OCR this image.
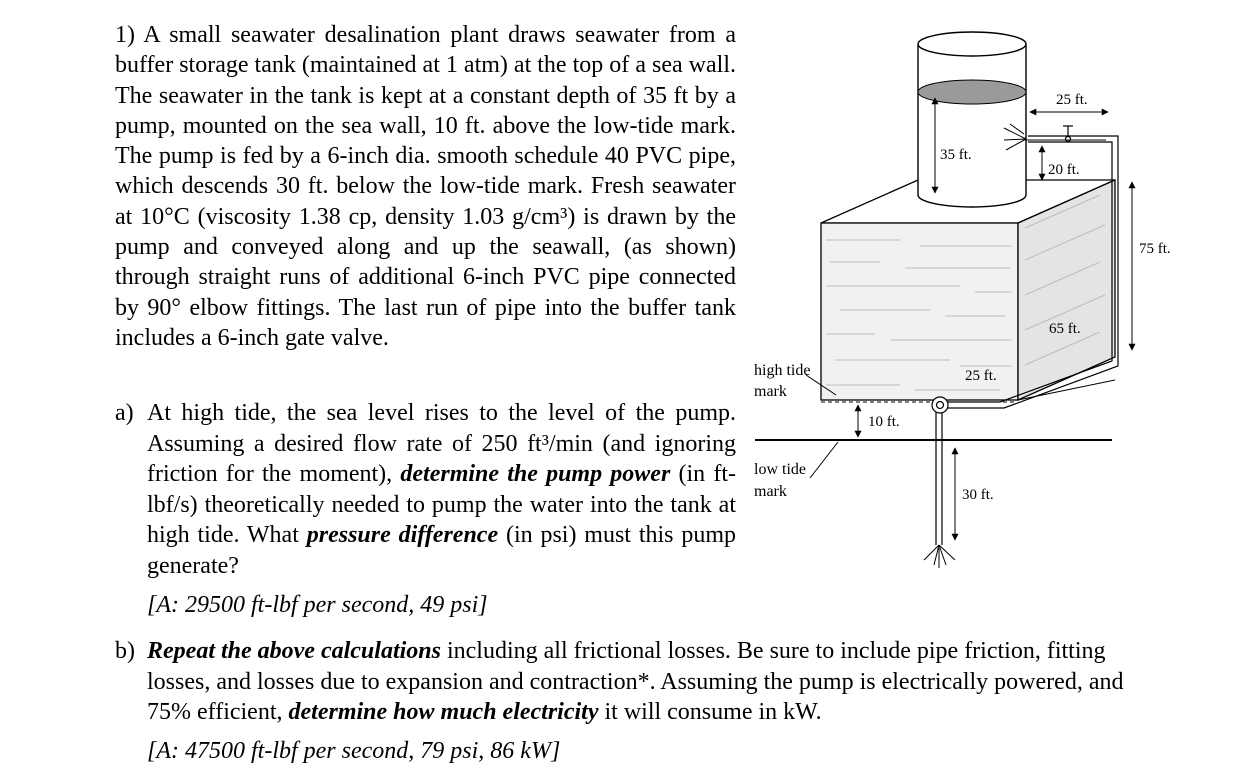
1) A small seawater desalination plant draws seawater from a buffer storage tank (maintained at 1 atm) at the top of a sea wall. The seawater in the tank is kept at a constant depth of 35 ft by a pump, mounted on the sea wall, 10 ft. above the low-tide mark. The pump is fed by a 6-inch dia. smooth schedule 40 PVC pipe, which descends 30 ft. below the low-tide mark. Fresh seawater at 10°C (viscosity 1.38 cp, density 1.03 g/cm³) is drawn by the pump and conveyed along and up the seawall, (as shown) through straight runs of additional 6-inch PVC pipe connected by 90° elbow fittings. The last run of pipe into the buffer tank includes a 6-inch gate valve.
a) At high tide, the sea level rises to the level of the pump. Assuming a desired flow rate of 250 ft³/min (and ignoring friction for the moment), determine the pump power (in ft-lbf/s) theoretically needed to pump the water into the tank at high tide. What pressure difference (in psi) must this pump generate?
[A: 29500 ft-lbf per second, 49 psi]
b) Repeat the above calculations including all frictional losses. Be sure to include pipe friction, fitting losses, and losses due to expansion and contraction*. Assuming the pump is electrically powered, and 75% efficient, determine how much electricity it will consume in kW.
[A: 47500 ft-lbf per second, 79 psi, 86 kW]
35 ft.
25 ft.
20 ft.
75 ft.
65 ft.
25 ft.
10 ft.
30 ft.
high tide
mark
low tide
mark
